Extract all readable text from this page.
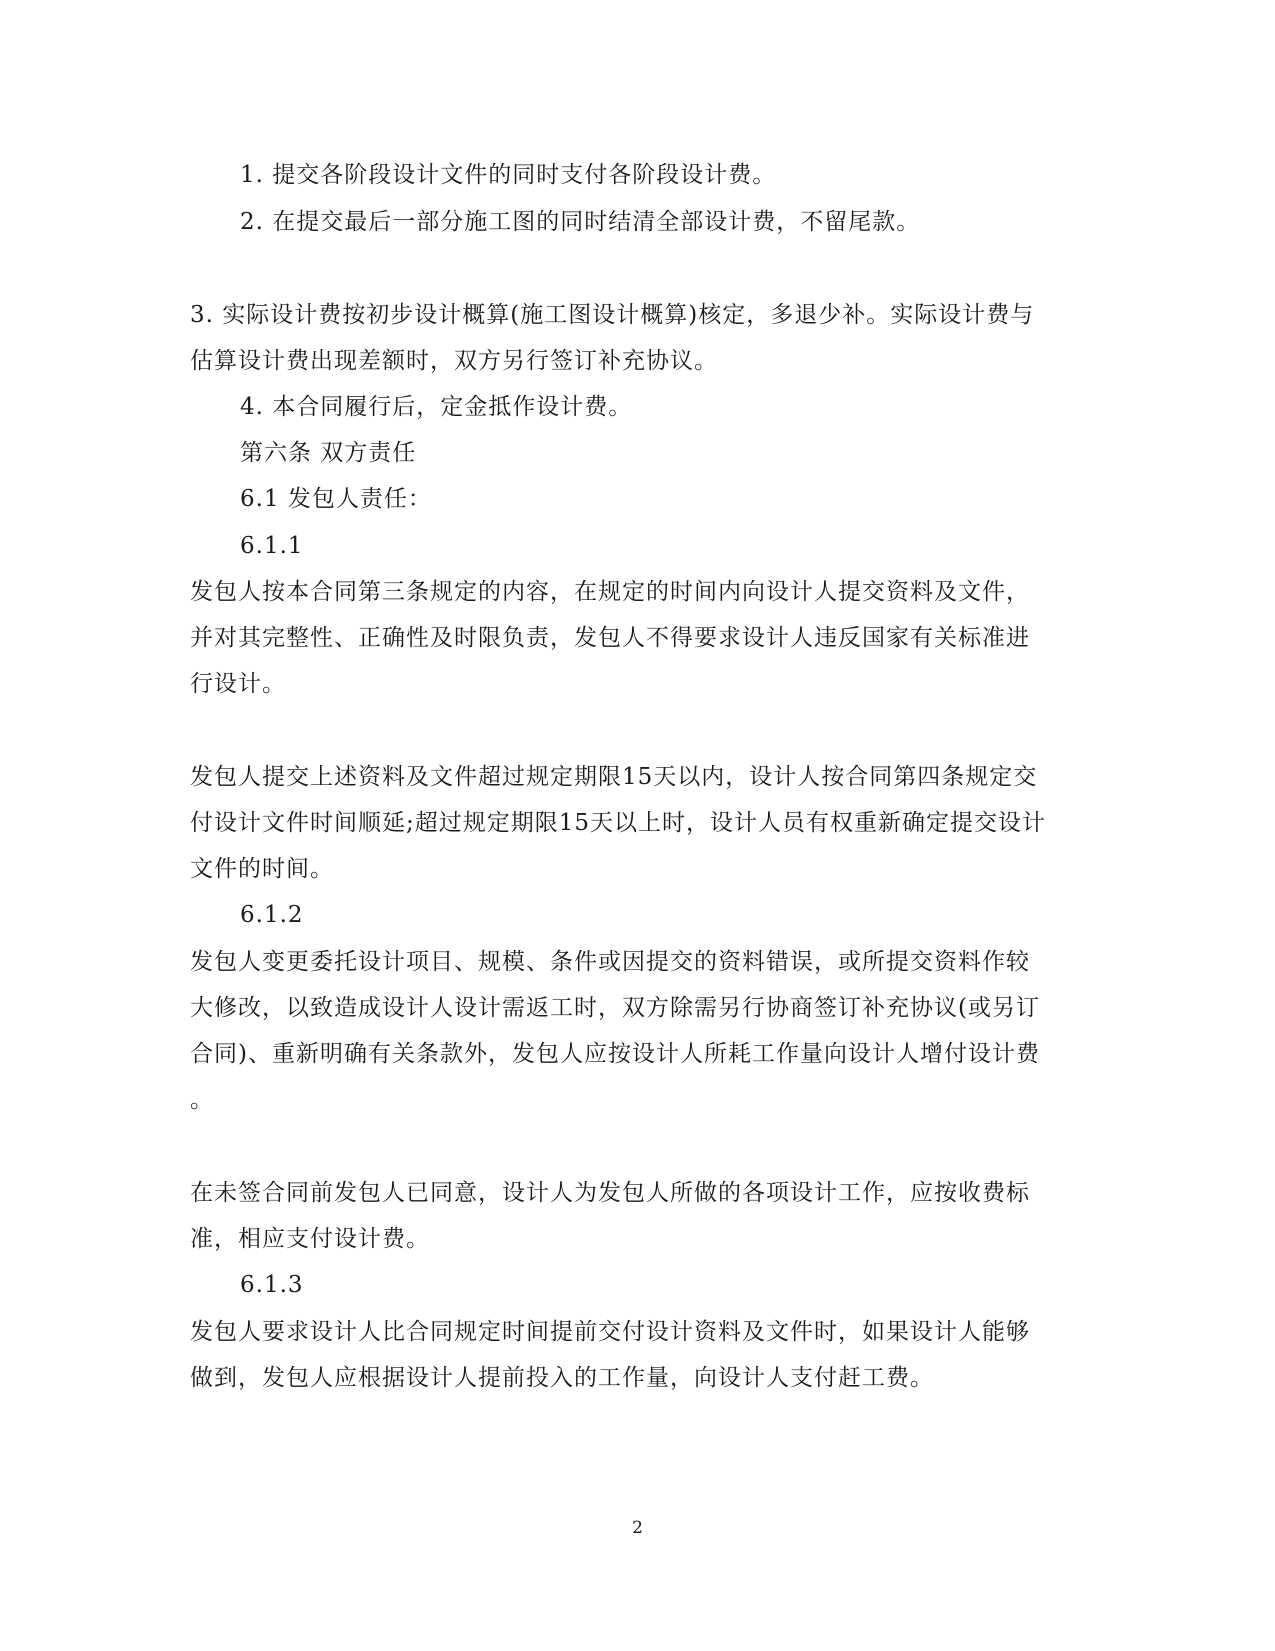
1. 提交各阶段设计文件的同时支付各阶段设计费。
2. 在提交最后一部分施工图的同时结清全部设计费，不留尾款。
3. 实际设计费按初步设计概算(施工图设计概算)核定，多退少补。实际设计费与
估算设计费出现差额时，双方另行签订补充协议。
4. 本合同履行后，定金抵作设计费。
第六条 双方责任
6.1 发包人责任：
6.1.1
发包人按本合同第三条规定的内容，在规定的时间内向设计人提交资料及文件，
并对其完整性、正确性及时限负责，发包人不得要求设计人违反国家有关标准进
行设计。
发包人提交上述资料及文件超过规定期限15天以内，设计人按合同第四条规定交
付设计文件时间顺延;超过规定期限15天以上时，设计人员有权重新确定提交设计
文件的时间。
6.1.2
发包人变更委托设计项目、规模、条件或因提交的资料错误，或所提交资料作较
大修改，以致造成设计人设计需返工时，双方除需另行协商签订补充协议(或另订
合同)、重新明确有关条款外，发包人应按设计人所耗工作量向设计人增付设计费
。
在未签合同前发包人已同意，设计人为发包人所做的各项设计工作，应按收费标
准，相应支付设计费。
6.1.3
发包人要求设计人比合同规定时间提前交付设计资料及文件时，如果设计人能够
做到，发包人应根据设计人提前投入的工作量，向设计人支付赶工费。
2
